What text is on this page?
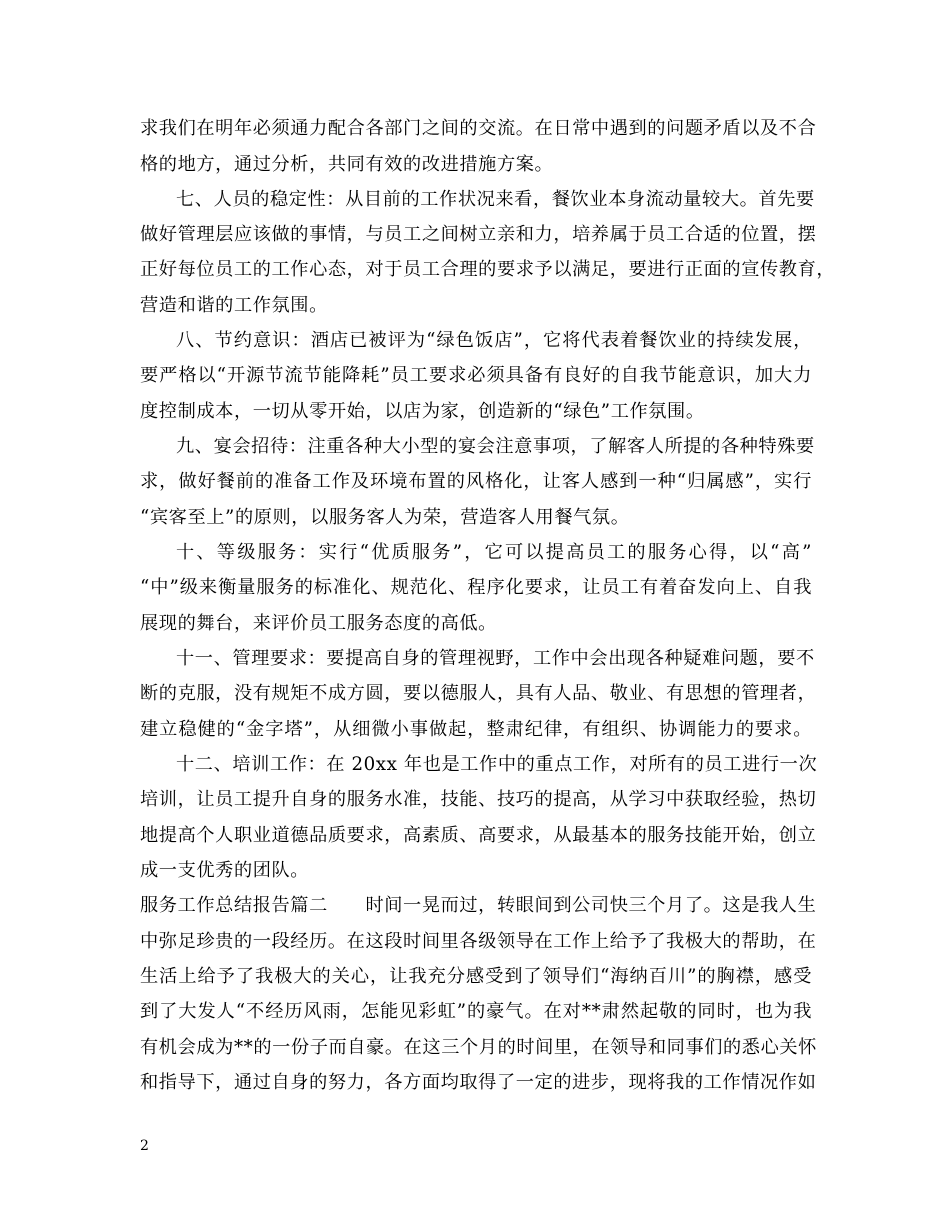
求我们在明年必须通力配合各部门之间的交流。在日常中遇到的问题矛盾以及不合
格的地方，通过分析，共同有效的改进措施方案。
七、人员的稳定性：从目前的工作状况来看，餐饮业本身流动量较大。首先要
做好管理层应该做的事情，与员工之间树立亲和力，培养属于员工合适的位置，摆
正好每位员工的工作心态，对于员工合理的要求予以满足，要进行正面的宣传教育，
营造和谐的工作氛围。
八、节约意识：酒店已被评为“绿色饭店”，它将代表着餐饮业的持续发展，
要严格以“开源节流节能降耗”员工要求必须具备有良好的自我节能意识，加大力
度控制成本，一切从零开始，以店为家，创造新的“绿色”工作氛围。
九、宴会招待：注重各种大小型的宴会注意事项，了解客人所提的各种特殊要
求，做好餐前的准备工作及环境布置的风格化，让客人感到一种“归属感”，实行
“宾客至上”的原则，以服务客人为荣，营造客人用餐气氛。
十、等级服务：实行“优质服务”，它可以提高员工的服务心得，以“高”
“中”级来衡量服务的标准化、规范化、程序化要求，让员工有着奋发向上、自我
展现的舞台，来评价员工服务态度的高低。
十一、管理要求：要提高自身的管理视野，工作中会出现各种疑难问题，要不
断的克服，没有规矩不成方圆，要以德服人，具有人品、敬业、有思想的管理者，
建立稳健的“金字塔”，从细微小事做起，整肃纪律，有组织、协调能力的要求。
十二、培训工作：在 20xx 年也是工作中的重点工作，对所有的员工进行一次
培训，让员工提升自身的服务水准，技能、技巧的提高，从学习中获取经验，热切
地提高个人职业道德品质要求，高素质、高要求，从最基本的服务技能开始，创立
成一支优秀的团队。
服务工作总结报告篇二　　时间一晃而过，转眼间到公司快三个月了。这是我人生
中弥足珍贵的一段经历。在这段时间里各级领导在工作上给予了我极大的帮助，在
生活上给予了我极大的关心，让我充分感受到了领导们“海纳百川”的胸襟，感受
到了大发人“不经历风雨，怎能见彩虹”的豪气。在对**肃然起敬的同时，也为我
有机会成为**的一份子而自豪。在这三个月的时间里，在领导和同事们的悉心关怀
和指导下，通过自身的努力，各方面均取得了一定的进步，现将我的工作情况作如
2
